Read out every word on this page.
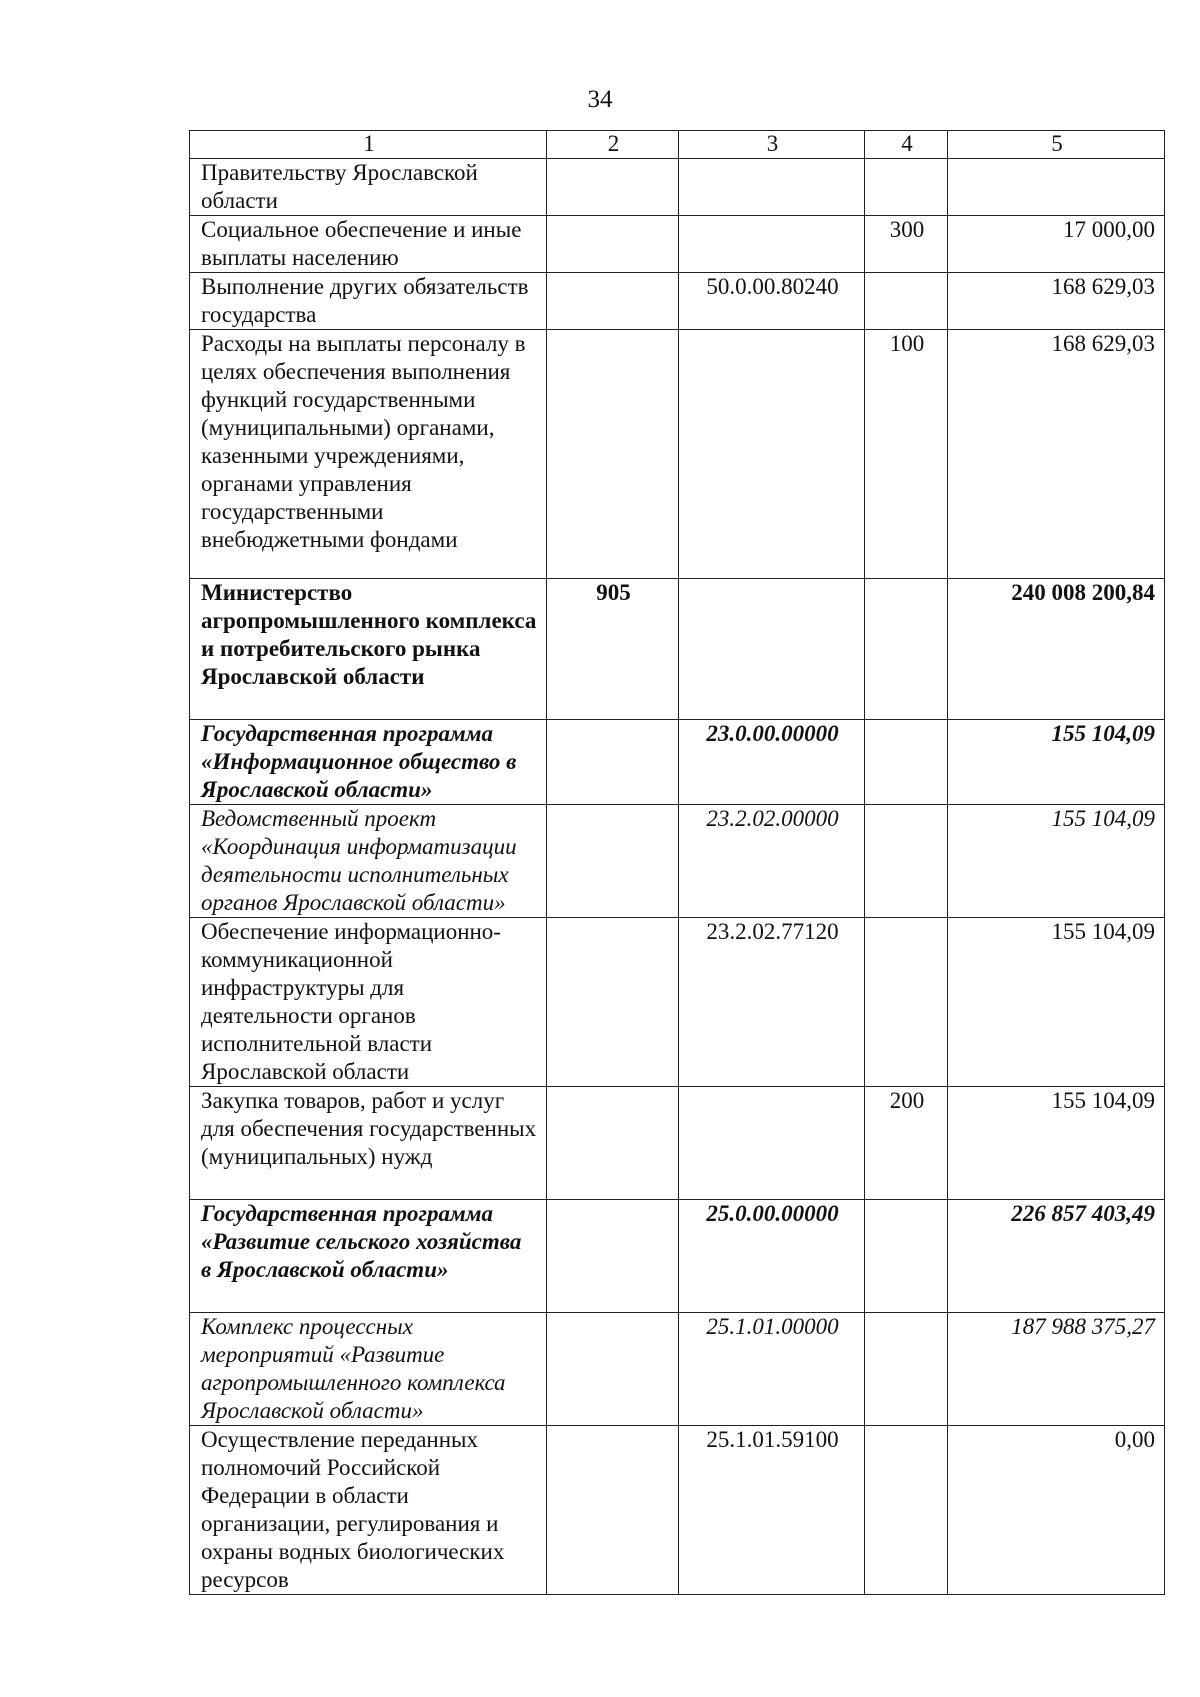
34
1	2	3	4	5
Правительству Ярославской области				
Социальное обеспечение и иные выплаты населению			300	17 000,00
Выполнение других обязательств государства		50.0.00.80240		168 629,03
Расходы на выплаты персоналу в целях обеспечения выполнения функций государственными (муниципальными) органами, казенными учреждениями, органами управления государственными внебюджетными фондами			100	168 629,03
Министерство агропромышленного комплекса и потребительского рынка Ярославской области	905			240 008 200,84
Государственная программа «Информационное общество в Ярославской области»		23.0.00.00000		155 104,09
Ведомственный проект «Координация информатизации деятельности исполнительных органов Ярославской области»		23.2.02.00000		155 104,09
Обеспечение информационно-коммуникационной инфраструктуры для деятельности органов исполнительной власти Ярославской области		23.2.02.77120		155 104,09
Закупка товаров, работ и услуг для обеспечения государственных (муниципальных) нужд			200	155 104,09
Государственная программа «Развитие сельского хозяйства в Ярославской области»		25.0.00.00000		226 857 403,49
Комплекс процессных мероприятий «Развитие агропромышленного комплекса Ярославской области»		25.1.01.00000		187 988 375,27
Осуществление переданных полномочий Российской Федерации в области организации, регулирования и охраны водных биологических ресурсов		25.1.01.59100		0,00
